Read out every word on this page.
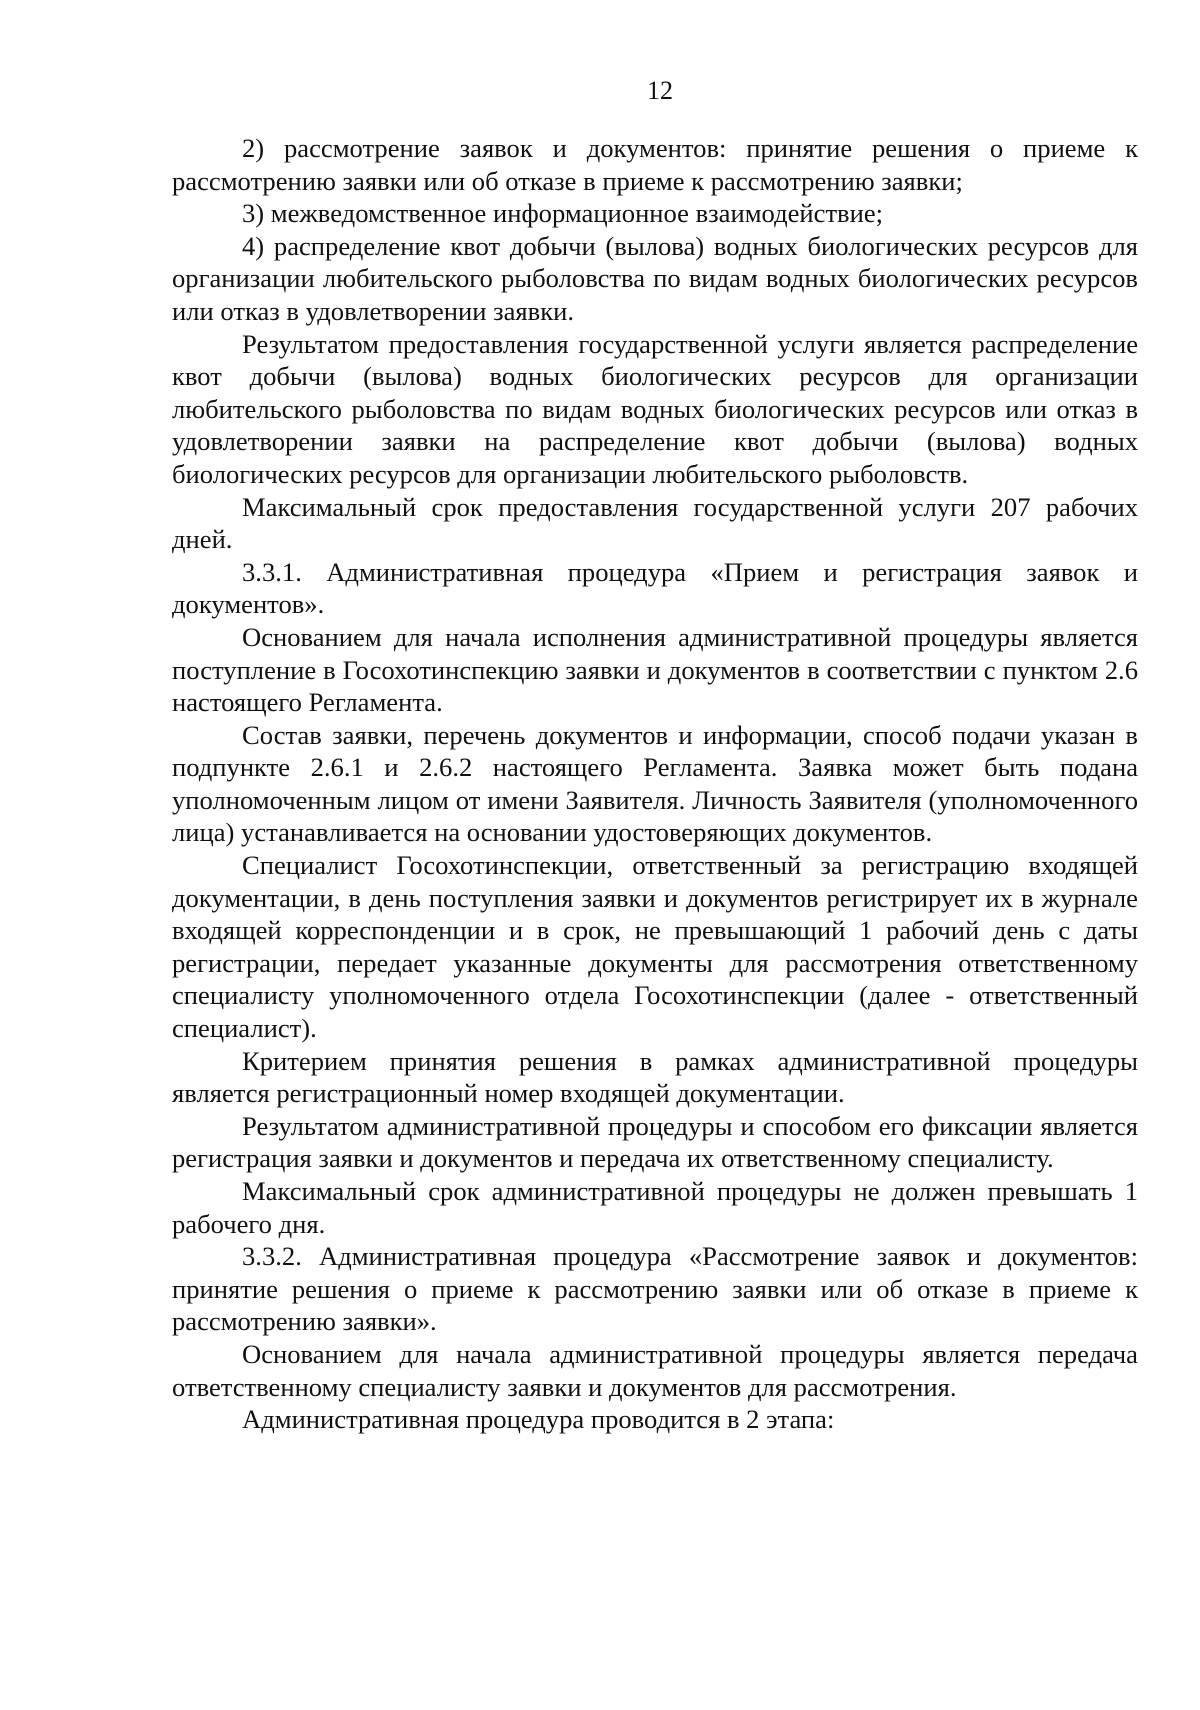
12

2) рассмотрение заявок и документов: принятие решения о приеме к рассмотрению заявки или об отказе в приеме к рассмотрению заявки;

3) межведомственное информационное взаимодействие;

4) распределение квот добычи (вылова) водных биологических ресурсов для организации любительского рыболовства по видам водных биологических ресурсов или отказ в удовлетворении заявки.

Результатом предоставления государственной услуги является распределение квот добычи (вылова) водных биологических ресурсов для организации любительского рыболовства по видам водных биологических ресурсов или отказ в удовлетворении заявки на распределение квот добычи (вылова) водных биологических ресурсов для организации любительского рыболовств.

Максимальный срок предоставления государственной услуги 207 рабочих дней.

3.3.1. Административная процедура «Прием и регистрация заявок и документов».

Основанием для начала исполнения административной процедуры является поступление в Госохотинспекцию заявки и документов в соответствии с пунктом 2.6 настоящего Регламента.

Состав заявки, перечень документов и информации, способ подачи указан в подпункте 2.6.1 и 2.6.2 настоящего Регламента. Заявка может быть подана уполномоченным лицом от имени Заявителя. Личность Заявителя (уполномоченного лица) устанавливается на основании удостоверяющих документов.

Специалист Госохотинспекции, ответственный за регистрацию входящей документации, в день поступления заявки и документов регистрирует их в журнале входящей корреспонденции и в срок, не превышающий 1 рабочий день с даты регистрации, передает указанные документы для рассмотрения ответственному специалисту уполномоченного отдела Госохотинспекции (далее - ответственный специалист).

Критерием принятия решения в рамках административной процедуры является регистрационный номер входящей документации.

Результатом административной процедуры и способом его фиксации является регистрация заявки и документов и передача их ответственному специалисту.

Максимальный срок административной процедуры не должен превышать 1 рабочего дня.

3.3.2. Административная процедура «Рассмотрение заявок и документов: принятие решения о приеме к рассмотрению заявки или об отказе в приеме к рассмотрению заявки».

Основанием для начала административной процедуры является передача ответственному специалисту заявки и документов для рассмотрения.

Административная процедура проводится в 2 этапа:
